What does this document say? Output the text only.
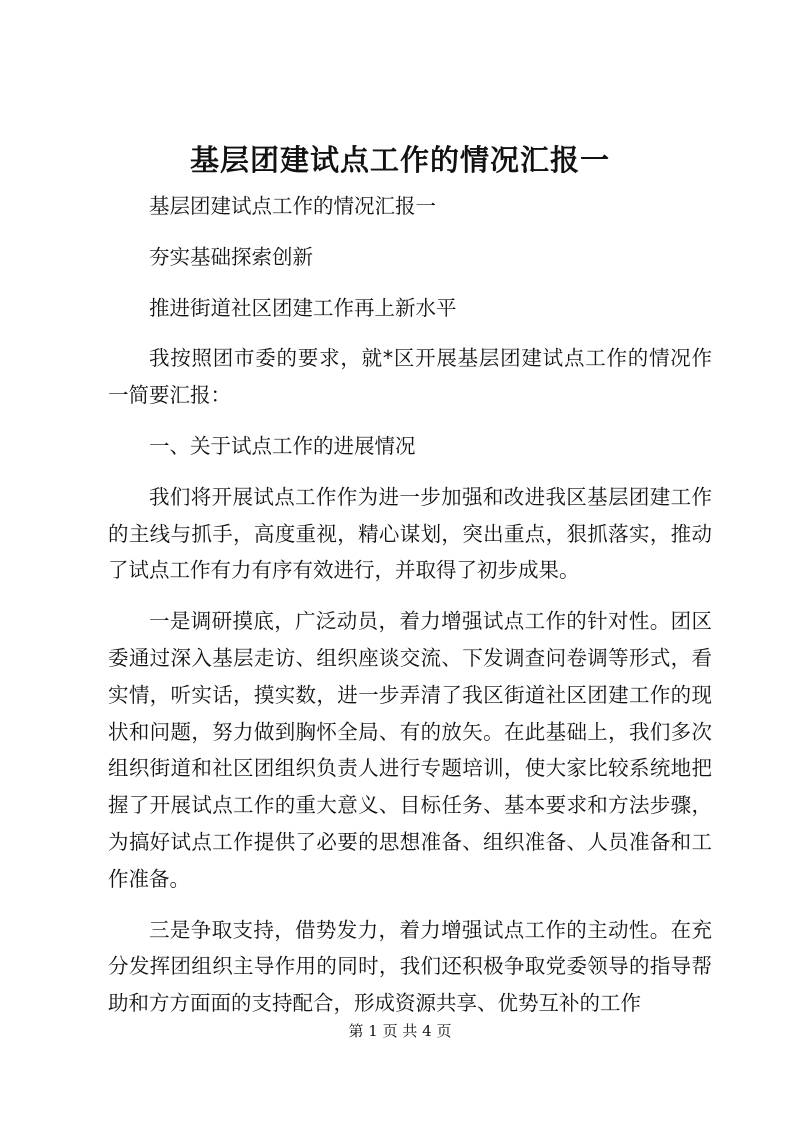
基层团建试点工作的情况汇报一

基层团建试点工作的情况汇报一

夯实基础探索创新

推进街道社区团建工作再上新水平

我按照团市委的要求，就*区开展基层团建试点工作的情况作一简要汇报：

一、关于试点工作的进展情况

我们将开展试点工作作为进一步加强和改进我区基层团建工作的主线与抓手，高度重视，精心谋划，突出重点，狠抓落实，推动了试点工作有力有序有效进行，并取得了初步成果。

一是调研摸底，广泛动员，着力增强试点工作的针对性。团区委通过深入基层走访、组织座谈交流、下发调查问卷调等形式，看实情，听实话，摸实数，进一步弄清了我区街道社区团建工作的现状和问题，努力做到胸怀全局、有的放矢。在此基础上，我们多次组织街道和社区团组织负责人进行专题培训，使大家比较系统地把握了开展试点工作的重大意义、目标任务、基本要求和方法步骤，为搞好试点工作提供了必要的思想准备、组织准备、人员准备和工作准备。

三是争取支持，借势发力，着力增强试点工作的主动性。在充分发挥团组织主导作用的同时，我们还积极争取党委领导的指导帮助和方方面面的支持配合，形成资源共享、优势互补的工作

第 1 页 共 4 页
